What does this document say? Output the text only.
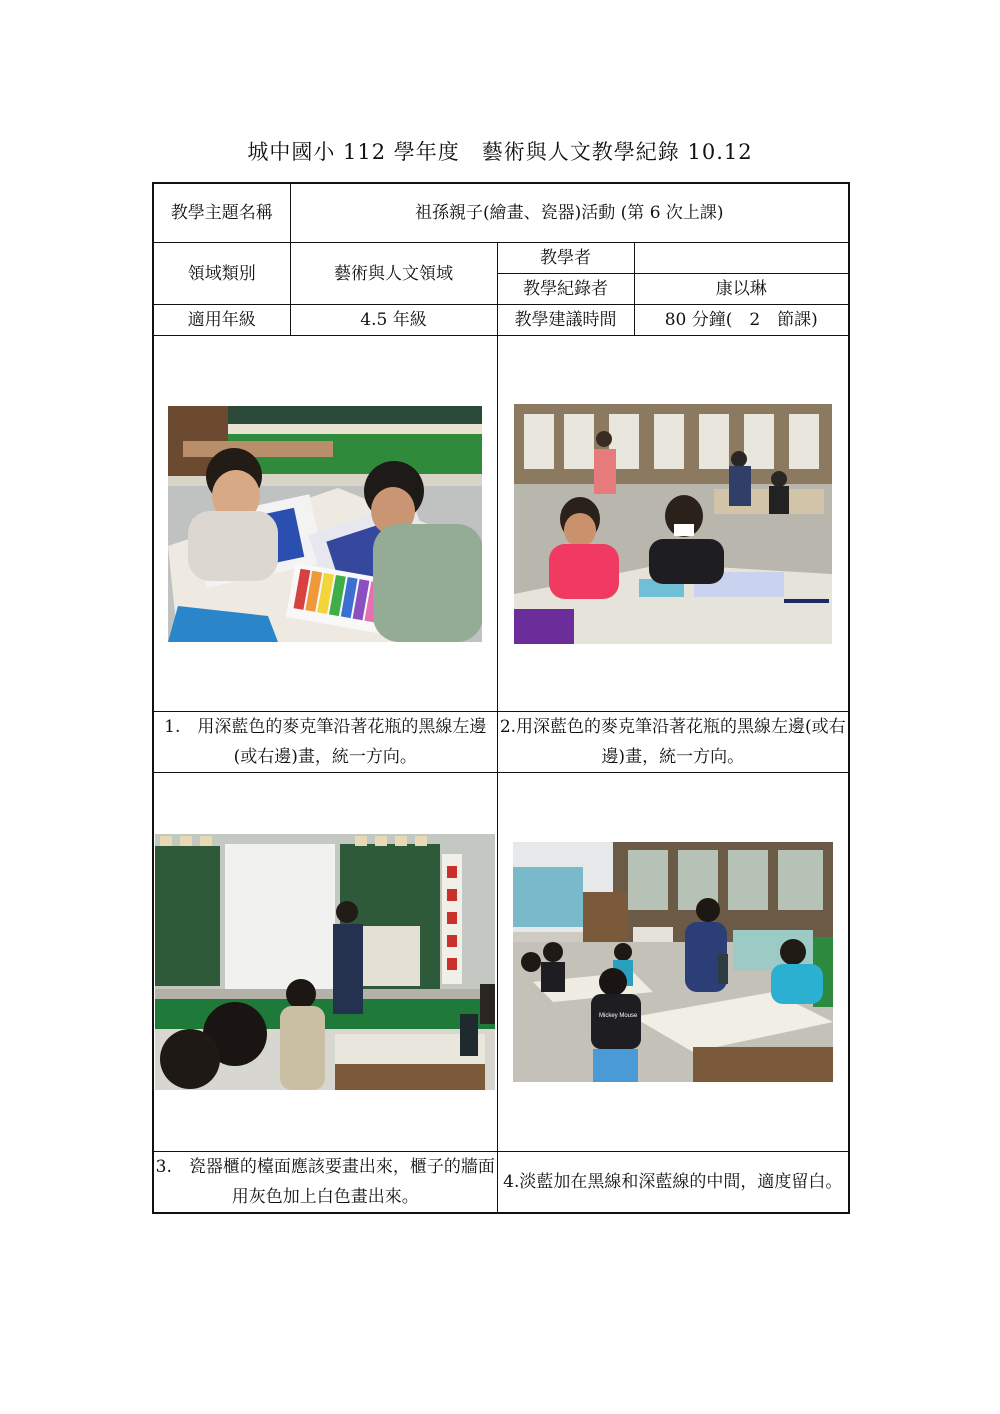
城中國小 112 學年度　藝術與人文教學紀錄 10.12
教學主題名稱	祖孫親子(繪畫、瓷器)活動 (第 6 次上課)		
領域類別	藝術與人文領域	教學者	
		教學紀錄者	康以琳
適用年級	4.5 年級	教學建議時間	80 分鐘(　2　節課)

1.　用深藍色的麥克筆沿著花瓶的黑線左邊(或右邊)畫，統一方向。		2.用深藍色的麥克筆沿著花瓶的黑線左邊(或右邊)畫，統一方向。	

Mickey Mouse	

3.　瓷器櫃的檯面應該要畫出來，櫃子的牆面用灰色加上白色畫出來。		4.淡藍加在黑線和深藍線的中間，適度留白。	
